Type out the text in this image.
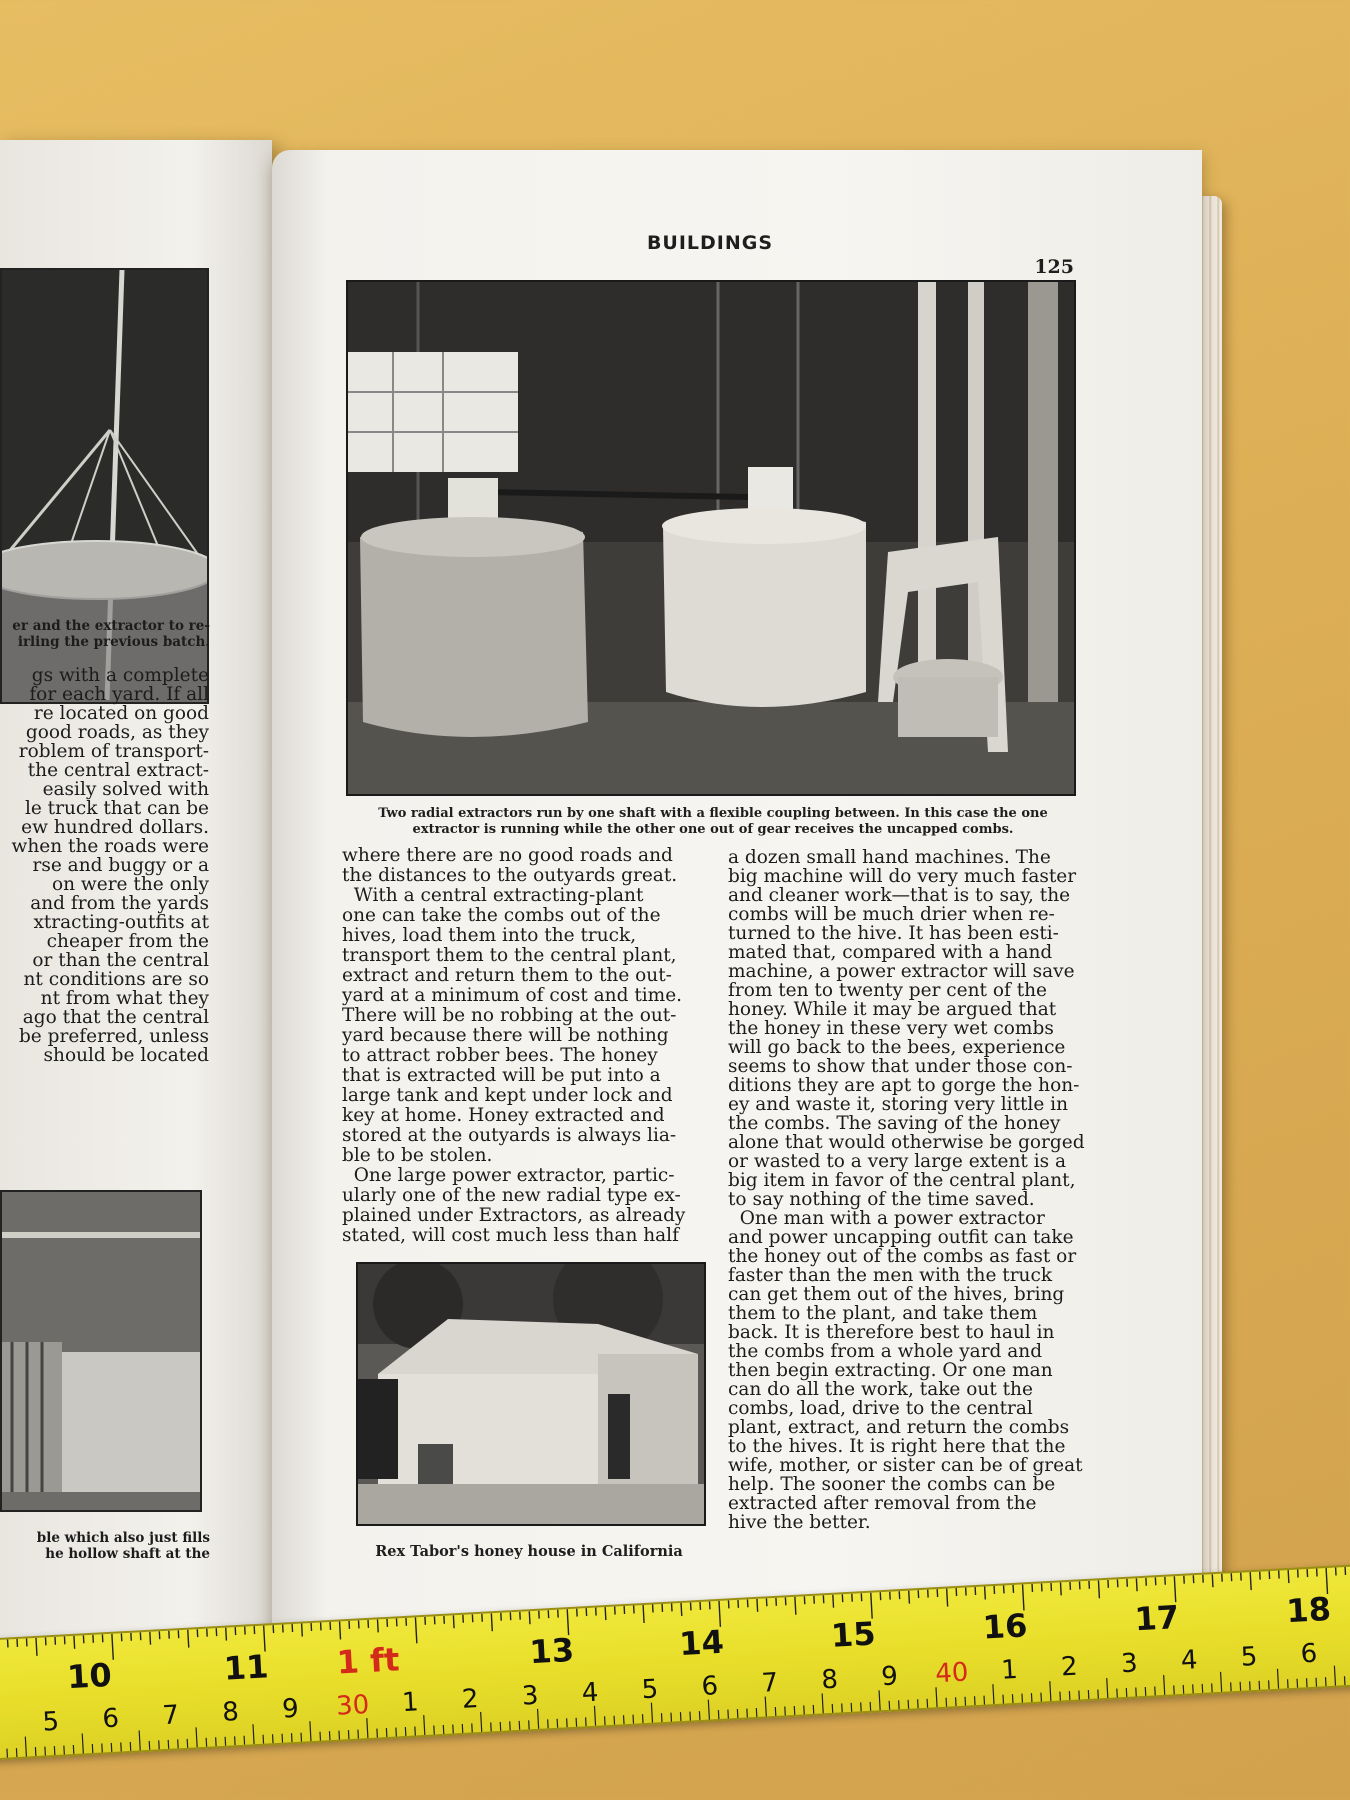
er and the extractor to re-

irling the previous batch.

gs with a complete

for each yard. If all

re located on good

good roads, as they

roblem of transport-

the central extract-

easily solved with

le truck that can be

ew hundred dollars.

when the roads were

rse and buggy or a

on were the only

and from the yards

xtracting-outfits at

cheaper from the

or than the central

nt conditions are so

nt from what they

ago that the central

be preferred, unless

should be located

ble which also just fills

he hollow shaft at the

BUILDINGS

125

Two radial extractors run by one shaft with a flexible coupling between. In this case the one

extractor is running while the other one out of gear receives the uncapped combs.

where there are no good roads and

the distances to the outyards great.

With a central extracting-plant

one can take the combs out of the

hives, load them into the truck,

transport them to the central plant,

extract and return them to the out-

yard at a minimum of cost and time.

There will be no robbing at the out-

yard because there will be nothing

to attract robber bees. The honey

that is extracted will be put into a

large tank and kept under lock and

key at home. Honey extracted and

stored at the outyards is always lia-

ble to be stolen.

One large power extractor, partic-

ularly one of the new radial type ex-

plained under Extractors, as already

stated, will cost much less than half

a dozen small hand machines. The

big machine will do very much faster

and cleaner work—that is to say, the

combs will be much drier when re-

turned to the hive. It has been esti-

mated that, compared with a hand

machine, a power extractor will save

from ten to twenty per cent of the

honey. While it may be argued that

the honey in these very wet combs

will go back to the bees, experience

seems to show that under those con-

ditions they are apt to gorge the hon-

ey and waste it, storing very little in

the combs. The saving of the honey

alone that would otherwise be gorged

or wasted to a very large extent is a

big item in favor of the central plant,

to say nothing of the time saved.

One man with a power extractor

and power uncapping outfit can take

the honey out of the combs as fast or

faster than the men with the truck

can get them out of the hives, bring

them to the plant, and take them

back. It is therefore best to haul in

the combs from a whole yard and

then begin extracting. Or one man

can do all the work, take out the

combs, load, drive to the central

plant, extract, and return the combs

to the hives. It is right here that the

wife, mother, or sister can be of great

help. The sooner the combs can be

extracted after removal from the

hive the better.

Rex Tabor's honey house in California

10	11 1 ft	13	14	15	16	17	18

5 6 7 8 9 30 1 2 3 4 5 6 7 8 9 40 1 2 3 4 5 6
